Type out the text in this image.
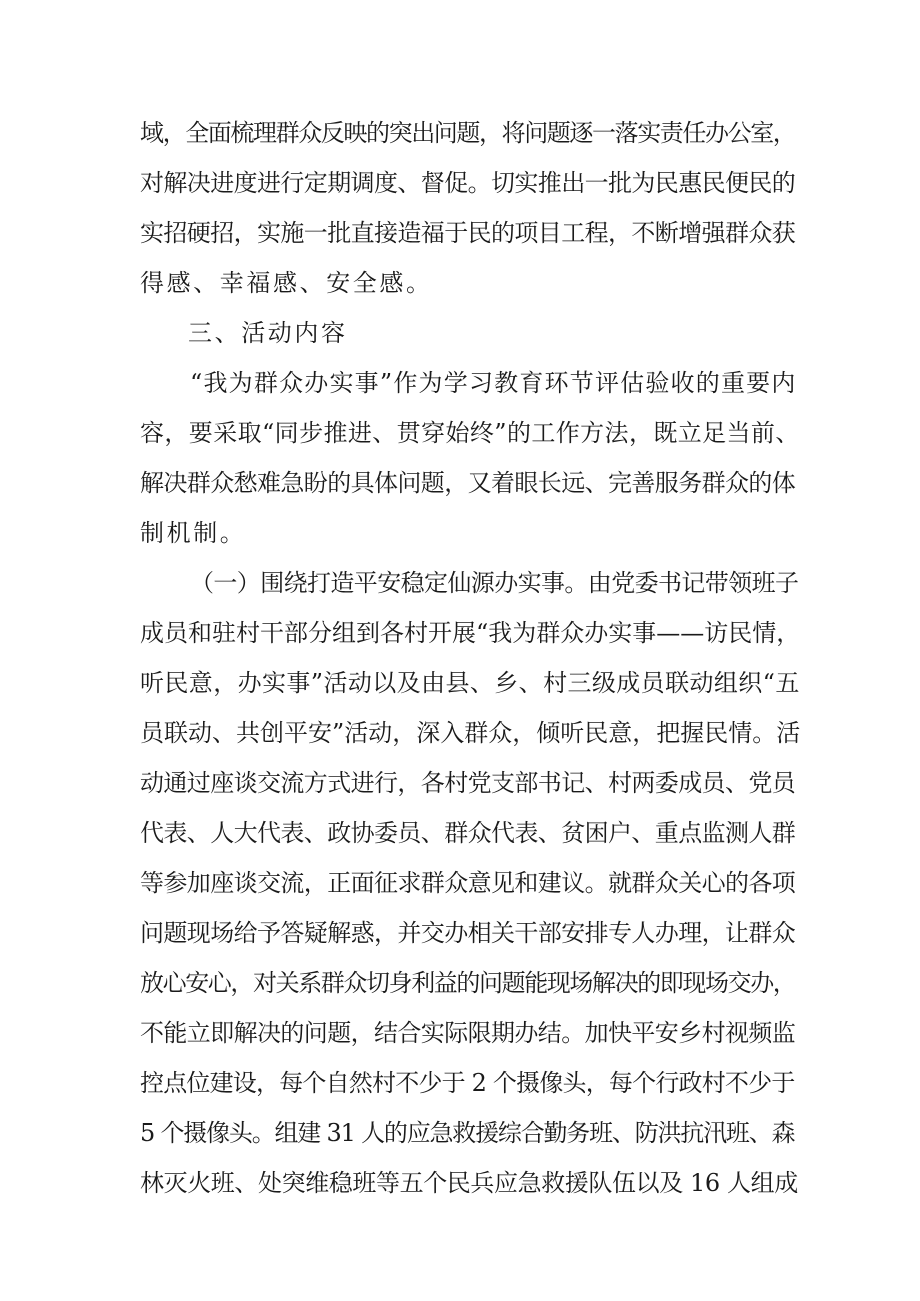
域，全面梳理群众反映的突出问题，将问题逐一落实责任办公室，

对解决进度进行定期调度、督促。切实推出一批为民惠民便民的

实招硬招，实施一批直接造福于民的项目工程，不断增强群众获

得感、幸福感、安全感。

三、活动内容

“我为群众办实事”作为学习教育环节评估验收的重要内

容，要采取“同步推进、贯穿始终”的工作方法，既立足当前、

解决群众愁难急盼的具体问题，又着眼长远、完善服务群众的体

制机制。

（一）围绕打造平安稳定仙源办实事。由党委书记带领班子

成员和驻村干部分组到各村开展“我为群众办实事——访民情，

听民意，办实事”活动以及由县、乡、村三级成员联动组织“五

员联动、共创平安”活动，深入群众，倾听民意，把握民情。活

动通过座谈交流方式进行，各村党支部书记、村两委成员、党员

代表、人大代表、政协委员、群众代表、贫困户、重点监测人群

等参加座谈交流，正面征求群众意见和建议。就群众关心的各项

问题现场给予答疑解惑，并交办相关干部安排专人办理，让群众

放心安心，对关系群众切身利益的问题能现场解决的即现场交办，

不能立即解决的问题，结合实际限期办结。加快平安乡村视频监

控点位建设，每个自然村不少于 2 个摄像头，每个行政村不少于

5 个摄像头。组建 31 人的应急救援综合勤务班、防洪抗汛班、森

林灭火班、处突维稳班等五个民兵应急救援队伍以及 16 人组成
